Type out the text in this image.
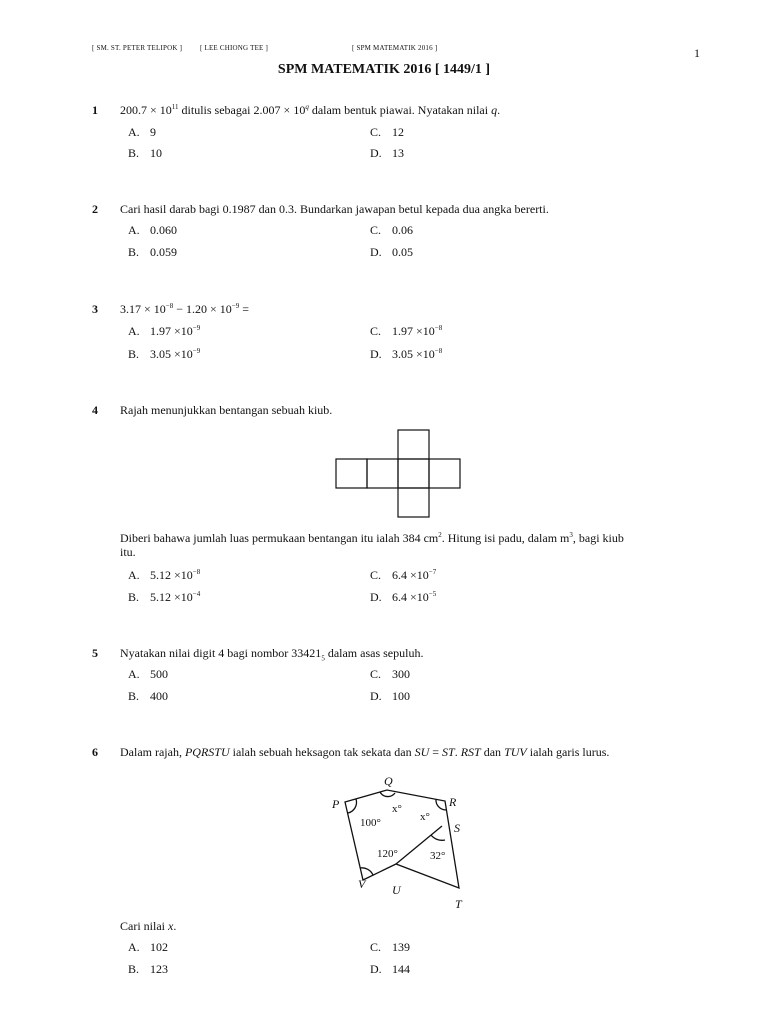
[ SM. ST. PETER TELIPOK ]	[ LEE CHIONG TEE ]	[ SPM MATEMATIK 2016 ]	1
SPM MATEMATIK 2016 [ 1449/1 ]
1 $200.7 \times 10^{11}$ ditulis sebagai $2.007 \times 10^q$ dalam bentuk piawai. Nyatakan nilai q.
A. 9
B. 10
C. 12
D. 13
2 Cari hasil darab bagi 0.1987 dan 0.3. Bundarkan jawapan betul kepada dua angka bererti.
A. 0.060
B. 0.059
C. 0.06
D. 0.05
3 $3.17 \times 10^{-8} - 1.20 \times 10^{-9}$ =
A. $1.97 \times 10^{-9}$
B. $3.05 \times 10^{-9}$
C. $1.97 \times 10^{-8}$
D. $3.05 \times 10^{-8}$
4 Rajah menunjukkan bentangan sebuah kiub.
Diberi bahawa jumlah luas permukaan bentangan itu ialah 384 $cm^2$. Hitung isi padu, dalam $m^3$, bagi kiub
itu.
A. $5.12 \times 10^{-8}$
B. $5.12 \times 10^{-4}$
C. $6.4 \times 10^{-7}$
D. $6.4 \times 10^{-5}$
5 Nyatakan nilai digit 4 bagi nombor $33421_5$ dalam asas sepuluh.
A. 500
B. 400
C. 300
D. 100
6 Dalam rajah, PQRSTU ialah sebuah heksagon tak sekata dan SU = ST. RST dan TUV ialah garis lurus.
Q
P	R
S
T
U
V
x°
x°
100°
120°	32°
Cari nilai x.
A. 102
B. 123
C. 139
D. 144
